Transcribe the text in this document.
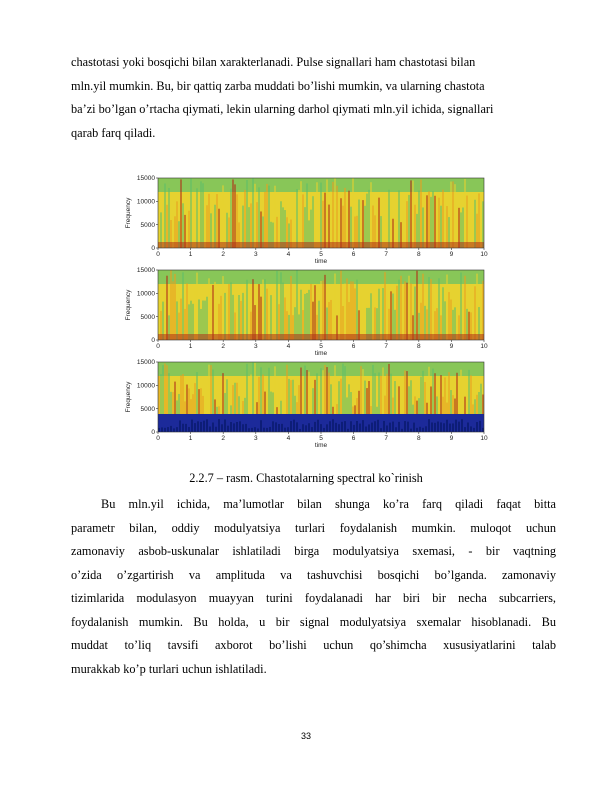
chastotasi yoki bosqichi bilan xarakterlanadi. Pulse signallari ham chastotasi bilan
mln.yil mumkin. Bu, bir qattiq zarba muddati bo’lishi mumkin, va ularning chastota
ba’zi bo’lgan o’rtacha qiymati, lekin ularning darhol qiymati mln.yil ichida, signallari
qarab farq qiladi.
15000
10000
5000
0
Frequency
0	1	2	3	4	5	6	7	8	9	10
time
15000
10000
5000
0
Frequency
0	1	2	3	4	5	6	7	8	9	10
time
15000
10000
5000
0
Frequency
0	1	2	3	4	5	6	7	8	9	10
time
2.2.7 – rasm. Chastotalarning spectral ko`rinish
Bu mln.yil ichida, ma’lumotlar bilan shunga ko’ra farq qiladi faqat bitta
parametr bilan, oddiy modulyatsiya turlari foydalanish mumkin. muloqot uchun
zamonaviy asbob-uskunalar ishlatiladi birga modulyatsiya sxemasi, - bir vaqtning
o’zida o’zgartirish va amplituda va tashuvchisi bosqichi bo’lganda. zamonaviy
tizimlarida modulasyon muayyan turini foydalanadi har biri bir necha subcarriers,
foydalanish mumkin. Bu holda, u bir signal modulyatsiya sxemalar hisoblanadi. Bu
muddat to’liq tavsifi axborot bo’lishi uchun qo’shimcha xususiyatlarini talab
murakkab ko’p turlari uchun ishlatiladi.
33
